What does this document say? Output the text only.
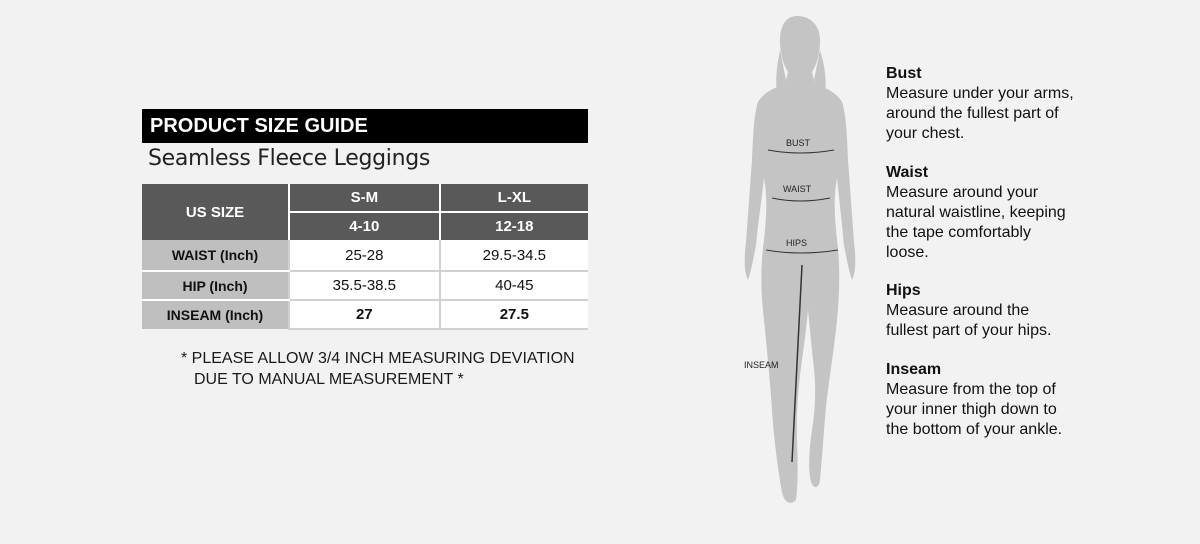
PRODUCT SIZE GUIDE
Seamless Fleece Leggings
US SIZE	S-M	L-XL
	4-10	12-18
WAIST (Inch)	25-28	29.5-34.5
HIP (Inch)	35.5-38.5	40-45
INSEAM (Inch)	27	27.5
* PLEASE ALLOW 3/4 INCH MEASURING DEVIATION
DUE TO MANUAL MEASUREMENT *
BUST
WAIST
HIPS
INSEAM
Bust
Measure under your arms,
around the fullest part of
your chest.
Waist
Measure around your
natural waistline, keeping
the tape comfortably
loose.
Hips
Measure around the
fullest part of your hips.
Inseam
Measure from the top of
your inner thigh down to
the bottom of your ankle.
